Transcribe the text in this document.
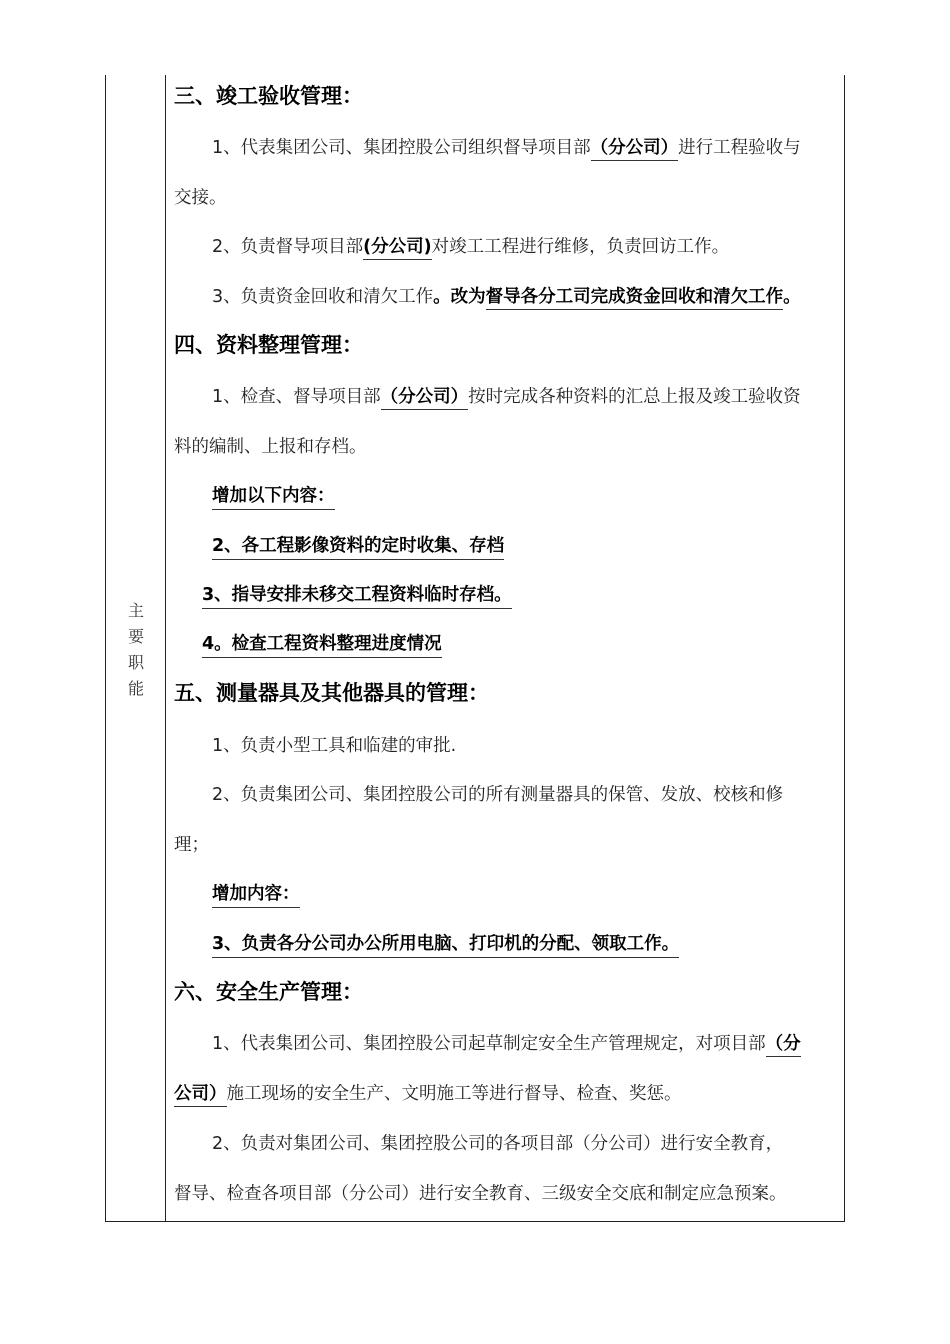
主
要
职
能
三、竣工验收管理：
1、代表集团公司、集团控股公司组织督导项目部（分公司）进行工程验收与
交接。
2、负责督导项目部(分公司)对竣工工程进行维修，负责回访工作。
3、负责资金回收和清欠工作。改为督导各分工司完成资金回收和清欠工作。
四、资料整理管理：
1、检查、督导项目部（分公司）按时完成各种资料的汇总上报及竣工验收资
料的编制、上报和存档。
增加以下内容：
2、各工程影像资料的定时收集、存档
3、指导安排未移交工程资料临时存档。
4。检查工程资料整理进度情况
五、测量器具及其他器具的管理：
1、负责小型工具和临建的审批.
2、负责集团公司、集团控股公司的所有测量器具的保管、发放、校核和修
理；
增加内容：
3、负责各分公司办公所用电脑、打印机的分配、领取工作。
六、安全生产管理：
1、代表集团公司、集团控股公司起草制定安全生产管理规定，对项目部（分
公司）施工现场的安全生产、文明施工等进行督导、检查、奖惩。
2、负责对集团公司、集团控股公司的各项目部（分公司）进行安全教育，
督导、检查各项目部（分公司）进行安全教育、三级安全交底和制定应急预案。
